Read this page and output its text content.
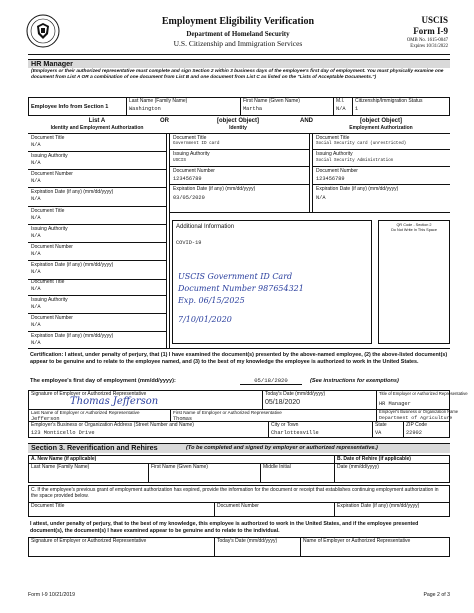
Employment Eligibility Verification
Department of Homeland Security
U.S. Citizenship and Immigration Services
USCIS
Form I-9
OMB No. 1615-0047
Expires 10/31/2022
HR Manager
(Employers or their authorized representative must complete and sign Section 2 within 3 business days of the employee's first day of employment. You must physically examine one document from List A OR a combination of one document from List B and one document from List C as listed on the "Lists of Acceptable Documents.")
Employee Info from Section 1
Last Name (Family Name)
Washington
First Name (Given Name)
Martha
M.I.
N/A
Citizenship/Immigration Status
1
List A
Identity and Employment Authorization
OR	[object Object]
Identity
AND	[object Object]
Employment Authorization
Document Title
N/A
Issuing Authority
N/A
Document Number
N/A
Expiration Date (if any) (mm/dd/yyyy)
N/A
Document Title
N/A
Issuing Authority
N/A
Document Number
N/A
Expiration Date (if any) (mm/dd/yyyy)
N/A
Document Title
N/A
Issuing Authority
N/A
Document Number
N/A
Expiration Date (if any) (mm/dd/yyyy)
N/A
Document Title
Government ID card
Issuing Authority
USCIS
Document Number
123456789
Expiration Date (if any) (mm/dd/yyyy)
03/05/2020
Document Title
Social Security card (unrestricted)
Issuing Authority
Social Security Administration
Document Number
123456789
Expiration Date (if any) (mm/dd/yyyy)
N/A
Additional Information
COVID-19
USCIS Government ID Card
Document Number 987654321
Exp. 06/15/2025
7/10/01/2020
QR Code - Section 2
Do Not Write In This Space
Certification: I attest, under penalty of perjury, that (1) I have examined the document(s) presented by the above-named employee, (2) the above-listed document(s) appear to be genuine and to relate to the employee named, and (3) to the best of my knowledge the employee is authorized to work in the United States.
The employee's first day of employment (mm/dd/yyyy):	05/18/2020	(See instructions for exemptions)
Signature of Employer or Authorized Representative
Thomas Jefferson
Today's Date (mm/dd/yyyy)
05/18/2020
Title of Employer or Authorized Representative
HR Manager
Last Name of Employer or Authorized Representative
Jefferson
First Name of Employer or Authorized Representative
Thomas
Employer's Business or Organization Name
Department of Agriculture
Employer's Business or Organization Address (Street Number and Name)
123 Monticello Drive
City or Town
Charlottesville
State
VA
ZIP Code
22902
Section 3. Reverification and Rehires	(To be completed and signed by employer or authorized representative.)
A. New Name (if applicable)
Last Name (Family Name)	First Name (Given Name)	Middle Initial
B. Date of Rehire (if applicable)
Date (mm/dd/yyyy)
C. If the employee's previous grant of employment authorization has expired, provide the information for the document or receipt that establishes continuing employment authorization in the space provided below.
Document Title	Document Number	Expiration Date (if any) (mm/dd/yyyy)
I attest, under penalty of perjury, that to the best of my knowledge, this employee is authorized to work in the United States, and if the employee presented document(s), the document(s) I have examined appear to be genuine and to relate to the individual.
Signature of Employer or Authorized Representative	Today's Date (mm/dd/yyyy)	Name of Employer or Authorized Representative
Form I-9 10/21/2019	Page 2 of 3
